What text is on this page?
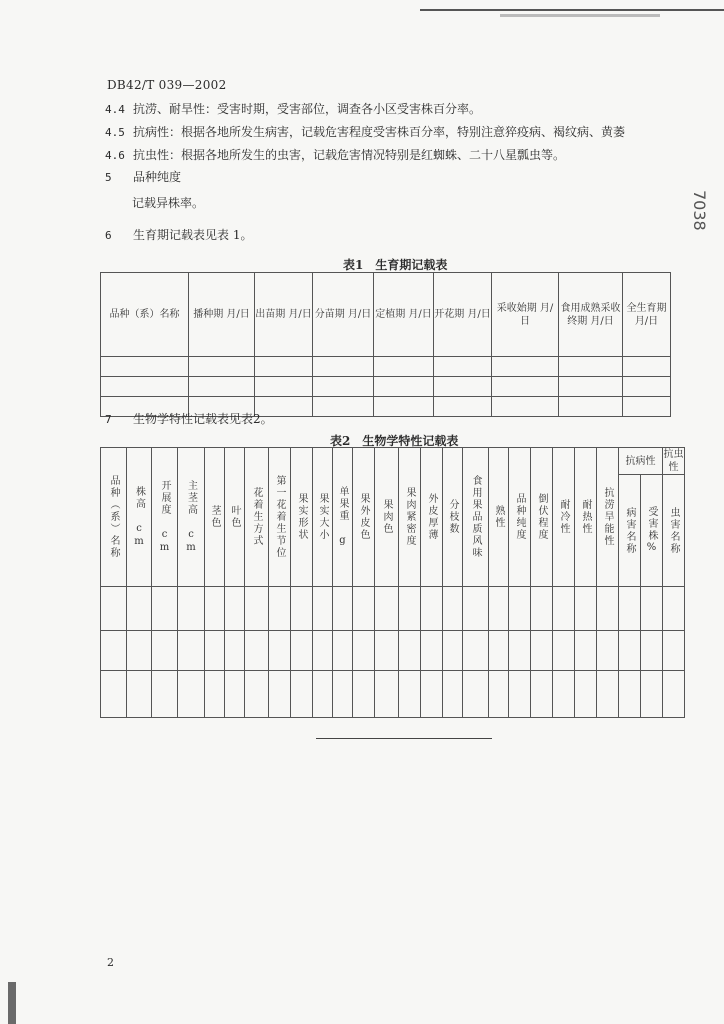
7038
DB42/T 039—2002
4.4 抗涝、耐旱性：受害时期，受害部位，调查各小区受害株百分率。
4.5 抗病性：根据各地所发生病害，记载危害程度受害株百分率，特别注意猝疫病、褐纹病、黄萎
4.6 抗虫性：根据各地所发生的虫害，记载危害情况特别是红蜘蛛、二十八星瓢虫等。
5 品种纯度
记载异株率。
6 生育期记载表见表 1。
表1　生育期记载表
品种（系）名称	播种期 月/日	出苗期 月/日	分苗期 月/日	定植期 月/日	开花期 月/日	采收始期 月/日	食用成熟采收终期 月/日	全生育期 月/日

7 生物学特性记载表见表2。
表2　生物学特性记载表
品种（系）名称	株高 cm	开展度 cm	主茎高 cm	茎色	叶色	花着生方式	第一花着生节位	果实形状	果实大小	单果重 g	果外皮色	果肉色	果肉紧密度	外皮厚薄	分枝数	食用果品质风味	熟性	品种纯度	倒伏程度	耐冷性	耐热性	抗涝旱能性	抗病性		抗虫性

																							病害名称	受害株%	虫害名称

2
